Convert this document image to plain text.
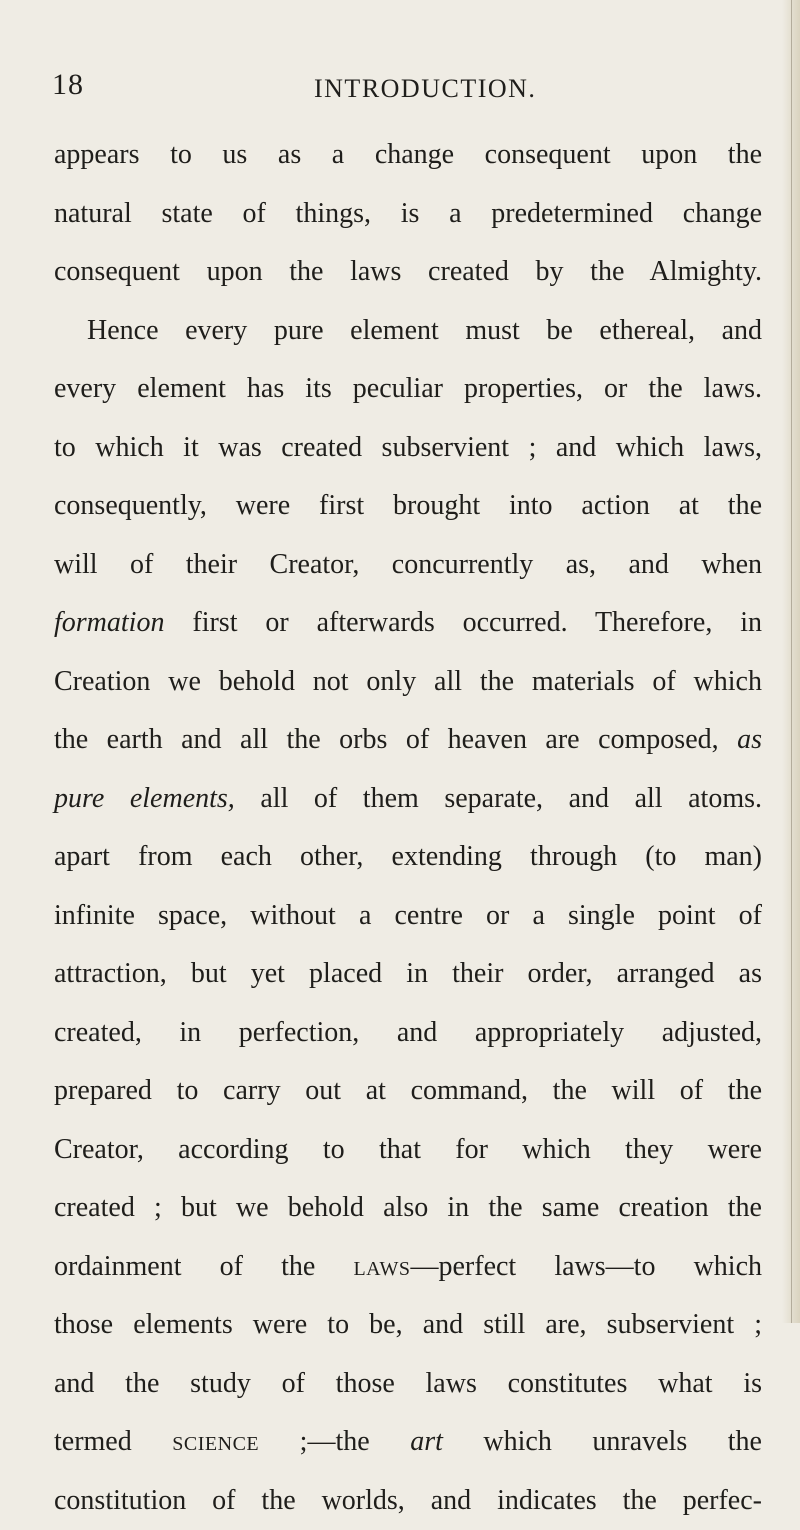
18	INTRODUCTION.
appears to us as a change consequent upon the
natural state of things, is a predetermined change
consequent upon the laws created by the Almighty.
Hence every pure element must be ethereal, and
every element has its peculiar properties, or the laws.
to which it was created subservient ; and which laws,
consequently, were first brought into action at the
will of their Creator, concurrently as, and when
formation first or afterwards occurred. Therefore, in
Creation we behold not only all the materials of which
the earth and all the orbs of heaven are composed, as
pure elements, all of them separate, and all atoms.
apart from each other, extending through (to man)
infinite space, without a centre or a single point of
attraction, but yet placed in their order, arranged as
created, in perfection, and appropriately adjusted,
prepared to carry out at command, the will of the
Creator, according to that for which they were
created ; but we behold also in the same creation the
ordainment of the laws—perfect laws—to which
those elements were to be, and still are, subservient ;
and the study of those laws constitutes what is
termed science ;—the art which unravels the
constitution of the worlds, and indicates the perfec-
